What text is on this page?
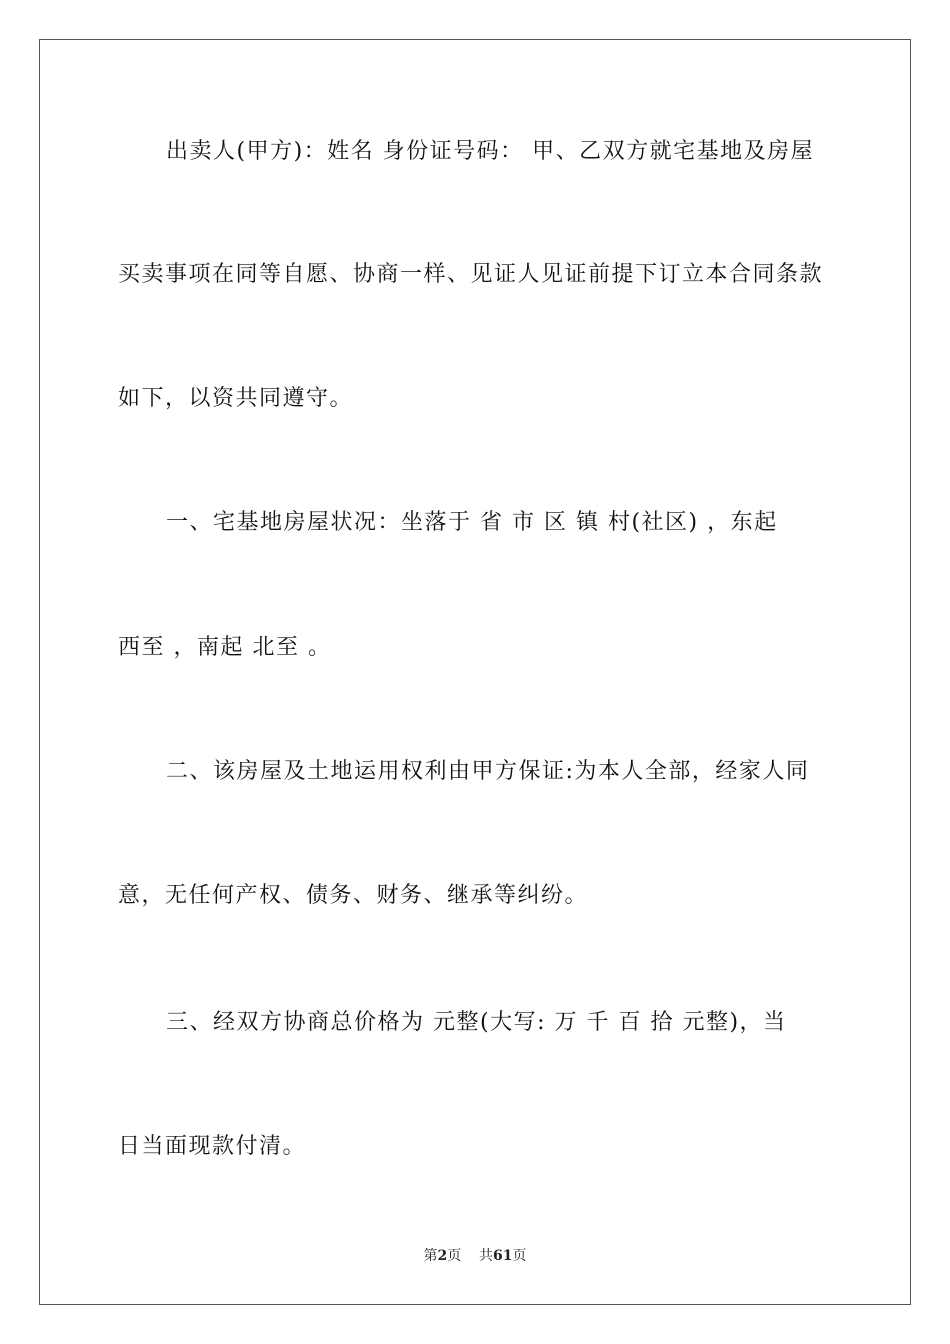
出卖人(甲方)：姓名 身份证号码： 甲、乙双方就宅基地及房屋
买卖事项在同等自愿、协商一样、见证人见证前提下订立本合同条款
如下，以资共同遵守。
一、宅基地房屋状况：坐落于 省 市 区 镇 村(社区) ，东起
西至 ，南起 北至 。
二、该房屋及土地运用权利由甲方保证:为本人全部，经家人同
意，无任何产权、债务、财务、继承等纠纷。
三、经双方协商总价格为 元整(大写: 万 千 百 拾 元整)，当
日当面现款付清。
第2页 共61页
